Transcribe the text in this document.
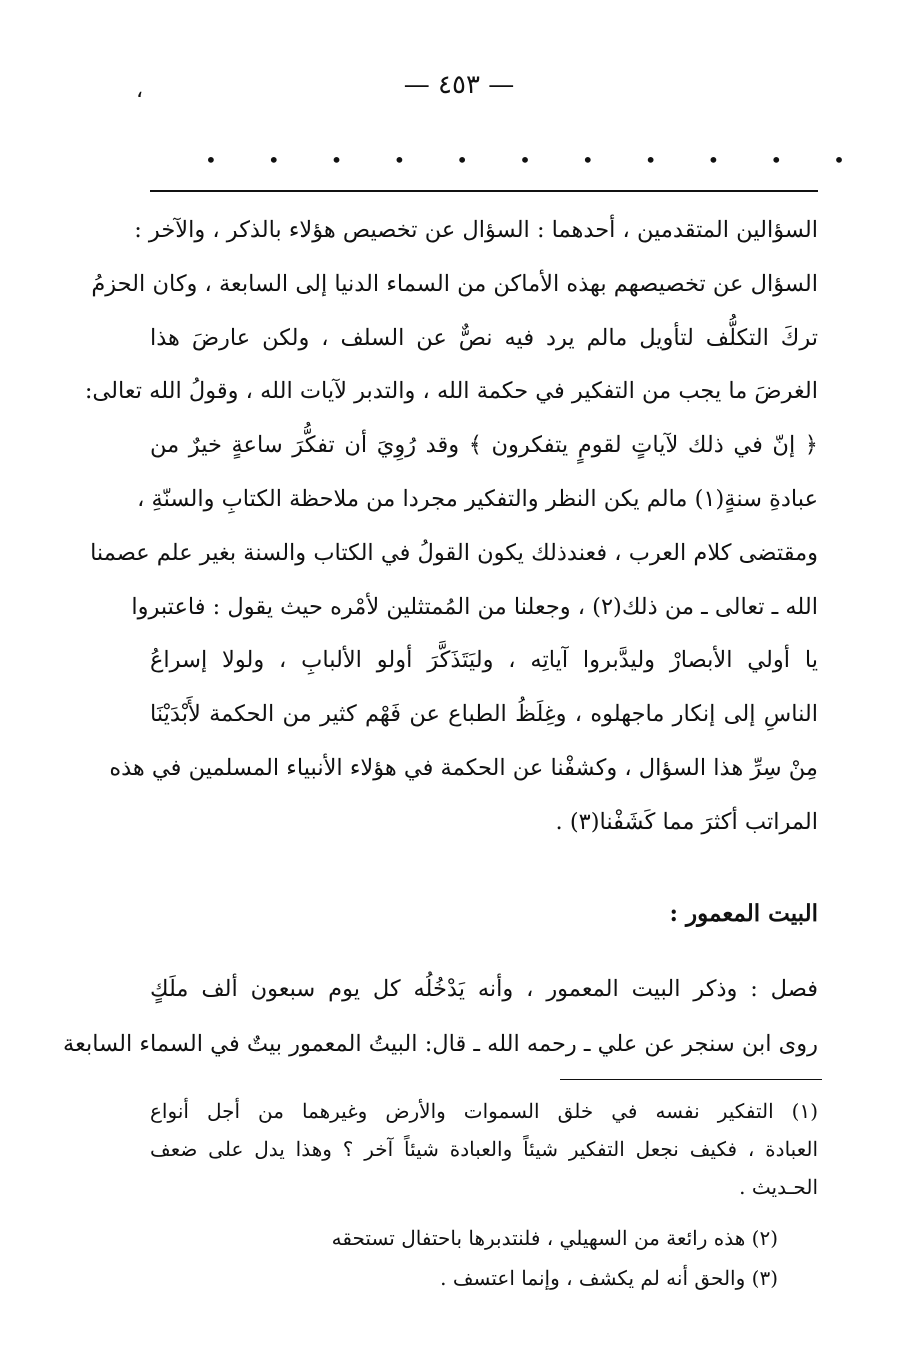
،	— ٤٥٣ —
•	•	•	•	•	•	•	•	•	•	•
السؤالين المتقدمين ، أحدهما : السؤال عن تخصيص هؤلاء بالذكر ، والآخر :
السؤال عن تخصيصهم بهذه الأماكن من السماء الدنيا إلى السابعة ، وكان الحزمُ
تركَ التكلُّف لتأويل مالم يرد فيه نصٌّ عن السلف ، ولكن عارضَ هذا
الغرضَ ما يجب من التفكير في حكمة الله ، والتدبر لآيات الله ، وقولُ الله تعالى:
﴿ إنّ في ذلك لآياتٍ لقومٍ يتفكرون ﴾ وقد رُوِيَ أن تفكُّرَ ساعةٍ خيرٌ من
عبادةِ سنةٍ(١) مالم يكن النظر والتفكير مجردا من ملاحظة الكتابِ والسنّةِ ،
ومقتضى كلام العرب ، فعندذلك يكون القولُ في الكتاب والسنة بغير علم عصمنا
الله ـ تعالى ـ من ذلك(٢) ، وجعلنا من المُمتثلين لأمْره حيث يقول : فاعتبروا
يا أولي الأبصارْ وليدَّبروا آياتِه ، وليَتَذَكَّرَ أولو الألبابِ ، ولولا إسراعُ
الناسِ إلى إنكار ماجهلوه ، وغِلَظُ الطباع عن فَهْم كثير من الحكمة لأَبْدَيْنَا
مِنْ سِرِّ هذا السؤال ، وكشفْنا عن الحكمة في هؤلاء الأنبياء المسلمين في هذه
المراتب أكثرَ مما كَشَفْنا(٣) .
البيت المعمور :
فصل : وذكر البيت المعمور ، وأنه يَدْخُلُه كل يوم سبعون ألف ملَكٍ
روى ابن سنجر عن علي ـ رحمه الله ـ قال: البيتُ المعمور بيتٌ في السماء السابعة
(١) التفكير نفسه في خلق السموات والأرض وغيرهما من أجل أنواع
العبادة ، فكيف نجعل التفكير شيئاً والعبادة شيئاً آخر ؟ وهذا يدل على ضعف
الحـديث .
(٢) هذه رائعة من السهيلي ، فلنتدبرها باحتفال تستحقه
(٣) والحق أنه لم يكشف ، وإنما اعتسف .
